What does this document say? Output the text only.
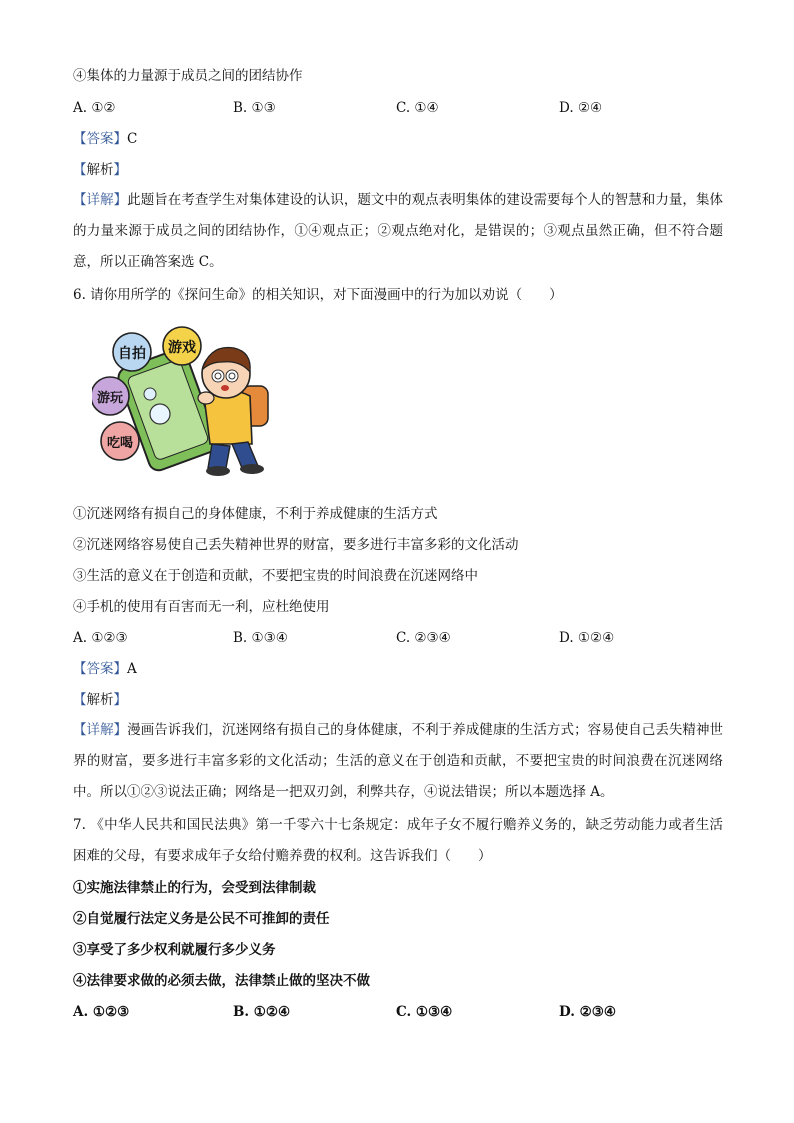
④集体的力量源于成员之间的团结协作
A. ①②	B. ①③	C. ①④	D. ②④
【答案】C
【解析】
【详解】此题旨在考查学生对集体建设的认识，题文中的观点表明集体的建设需要每个人的智慧和力量，集体的力量来源于成员之间的团结协作，①④观点正；②观点绝对化，是错误的；③观点虽然正确，但不符合题意，所以正确答案选 C。
6. 请你用所学的《探问生命》的相关知识，对下面漫画中的行为加以劝说（　　）
自拍 游戏
游玩
吃喝
①沉迷网络有损自己的身体健康，不利于养成健康的生活方式
②沉迷网络容易使自己丢失精神世界的财富，要多进行丰富多彩的文化活动
③生活的意义在于创造和贡献，不要把宝贵的时间浪费在沉迷网络中
④手机的使用有百害而无一利，应杜绝使用
A. ①②③	B. ①③④	C. ②③④	D. ①②④
【答案】A
【解析】
【详解】漫画告诉我们，沉迷网络有损自己的身体健康，不利于养成健康的生活方式；容易使自己丢失精神世界的财富，要多进行丰富多彩的文化活动；生活的意义在于创造和贡献，不要把宝贵的时间浪费在沉迷网络中。所以①②③说法正确；网络是一把双刃剑，利弊共存，④说法错误；所以本题选择 A。
7. 《中华人民共和国民法典》第一千零六十七条规定：成年子女不履行赡养义务的，缺乏劳动能力或者生活困难的父母，有要求成年子女给付赡养费的权利。这告诉我们（　　）
①实施法律禁止的行为，会受到法律制裁
②自觉履行法定义务是公民不可推卸的责任
③享受了多少权利就履行多少义务
④法律要求做的必须去做，法律禁止做的坚决不做
A. ①②③	B. ①②④	C. ①③④	D. ②③④
